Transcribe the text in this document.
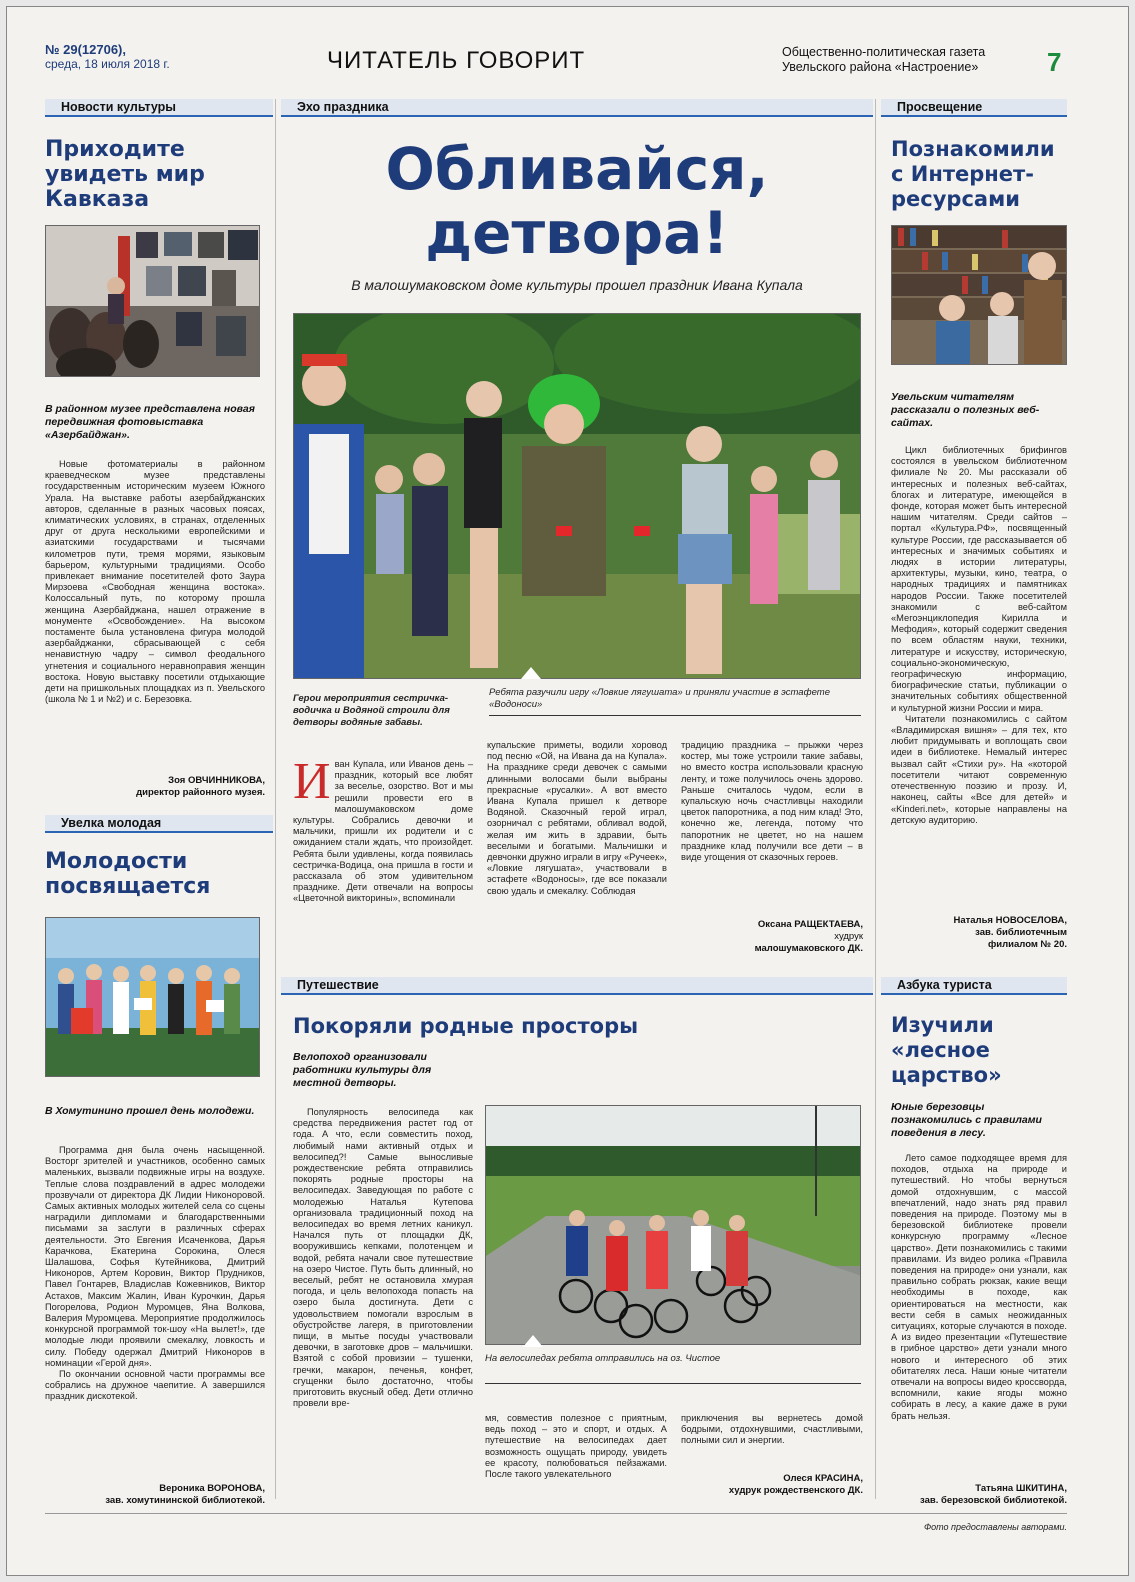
№ 29(12706),
среда, 18 июля 2018 г.	ЧИТАТЕЛЬ ГОВОРИТ	Общественно-политическая газета
Увельского района «Настроение»	7
Новости культуры
Приходите увидеть мир Кавказа
В районном музее представлена новая передвижная фотовыставка «Азербайджан».

Новые фотоматериалы в районном краеведческом музее представлены государственным историческим музеем Южного Урала. На выставке работы азербайджанских авторов, сделанные в разных часовых поясах, климатических условиях, в странах, отделенных друг от друга несколькими европейскими и азиатскими государствами и тысячами километров пути, тремя морями, языковым барьером, культурными традициями. Особо привлекает внимание посетителей фото Заура Мирзоева «Свободная женщина востока». Колоссальный путь, по которому прошла женщина Азербайджана, нашел отражение в монументе «Освобождение». На высоком постаменте была установлена фигура молодой азербайджанки, сбрасывающей с себя ненавистную чадру – символ феодального угнетения и социального неравноправия женщин востока. Новую выставку посетили отдыхающие дети на пришкольных площадках из п. Увельского (школа № 1 и №2) и с. Березовка.

Зоя ОВЧИННИКОВА,
директор районного музея.
Увелка молодая
Молодости посвящается
В Хомутинино прошел день молодежи.

Программа дня была очень насыщенной. Восторг зрителей и участников, особенно самых маленьких, вызвали подвижные игры на воздухе. Теплые слова поздравлений в адрес молодежи прозвучали от директора ДК Лидии Никоноровой. Самых активных молодых жителей села со сцены наградили дипломами и благодарственными письмами за заслуги в различных сферах деятельности. Это Евгения Исаченкова, Дарья Карачкова, Екатерина Сорокина, Олеся Шалашова, Софья Кутейникова, Дмитрий Никоноров, Артем Коровин, Виктор Прудников, Павел Гонтарев, Владислав Кожевников, Виктор Астахов, Максим Жалин, Иван Курочкин, Дарья Погорелова, Родион Муромцев, Яна Волкова, Валерия Муромцева. Мероприятие продолжилось конкурсной программой ток-шоу «На вылет!», где молодые люди проявили смекалку, ловкость и силу. Победу одержал Дмитрий Никоноров в номинации «Герой дня».

По окончании основной части программы все собрались на дружное чаепитие. А завершился праздник дискотекой.

Вероника ВОРОНОВА,
зав. хомутининской библиотекой.
Эхо праздника
Обливайся,
детвора!
В малошумаковском доме культуры прошел праздник Ивана Купала
Герои мероприятия сестричка-водичка и Водяной строили для детворы водяные забавы.
Ребята разучили игру «Ловкие лягушата» и приняли участие в эстафете «Водоноси»
Иван Купала, или Иванов день – праздник, который все любят за веселье, озорство. Вот и мы решили провести его в малошумаковском доме культуры. Собрались девочки и мальчики, пришли их родители и с ожиданием стали ждать, что произойдет. Ребята были удивлены, когда появилась сестричка-Водица, она пришла в гости и рассказала об этом удивительном празднике. Дети отвечали на вопросы «Цветочной викторины», вспоминали

купальские приметы, водили хоровод под песню «Ой, на Ивана да на Купала». На празднике среди девочек с самыми длинными волосами были выбраны прекрасные «русалки». А вот вместо Ивана Купала пришел к детворе Водяной. Сказочный герой играл, озорничал с ребятами, обливал водой, желая им жить в здравии, быть веселыми и богатыми. Мальчишки и девчонки дружно играли в игру «Ручеек», «Ловкие лягушата», участвовали в эстафете «Водоносы», где все показали свою удаль и смекалку. Соблюдая

традицию праздника – прыжки через костер, мы тоже устроили такие забавы, но вместо костра использовали красную ленту, и тоже получилось очень здорово. Раньше считалось чудом, если в купальскую ночь счастливцы находили цветок папоротника, а под ним клад! Это, конечно же, легенда, потому что папоротник не цветет, но на нашем празднике клад получили все дети – в виде угощения от сказочных героев.

Оксана РАЩЕКТАЕВА,
худрук
малошумаковского ДК.
Путешествие
Покоряли родные просторы
Велопоход организовали работники культуры для местной детворы.

Популярность велосипеда как средства передвижения растет год от года. А что, если совместить поход, любимый нами активный отдых и велосипед?! Самые выносливые рождественские ребята отправились покорять родные просторы на велосипедах. Заведующая по работе с молодежью Наталья Кутепова организовала традиционный поход на велосипедах во время летних каникул. Начался путь от площадки ДК, вооружившись кепками, полотенцем и водой, ребята начали свое путешествие на озеро Чистое. Путь быть длинный, но веселый, ребят не остановила хмурая погода, и цель велопохода попасть на озеро была достигнута. Дети с удовольствием помогали взрослым в обустройстве лагеря, в приготовлении пищи, в мытье посуды участвовали девочки, в заготовке дров – мальчишки. Взятой с собой провизии – тушенки, гречки, макарон, печенья, конфет, сгущенки было достаточно, чтобы приготовить вкусный обед. Дети отлично провели вре-

На велосипедах ребята отправились на оз. Чистое

мя, совместив полезное с приятным, ведь поход – это и спорт, и отдых. А путешествие на велосипедах дает возможность ощущать природу, увидеть ее красоту, полюбоваться пейзажами. После такого увлекательного

приключения вы вернетесь домой бодрыми, отдохнувшими, счастливыми, полными сил и энергии.

Олеся КРАСИНА,
худрук рождественского ДК.
Просвещение
Познакомили с Интернет-ресурсами
Увельским читателям рассказали о полезных веб-сайтах.

Цикл библиотечных брифингов состоялся в увельском библиотечном филиале № 20. Мы рассказали об интересных и полезных веб-сайтах, блогах и литературе, имеющейся в фонде, которая может быть интересной нашим читателям. Среди сайтов – портал «Культура.РФ», посвященный культуре России, где рассказывается об интересных и значимых событиях и людях в истории литературы, архитектуры, музыки, кино, театра, о народных традициях и памятниках народов России. Также посетителей знакомили с веб-сайтом «Мегоэнциклопедия Кирилла и Мефодия», который содержит сведения по всем областям науки, техники, литературе и искусству, историческую, социально-экономическую, географическую информацию, биографические статьи, публикации о значительных событиях общественной и культурной жизни России и мира.

Читатели познакомились с сайтом «Владимирская вишня» – для тех, кто любит придумывать и воплощать свои идеи в библиотеке. Немалый интерес вызвал сайт «Стихи ру». На «которой посетители читают современную отечественную поэзию и прозу. И, наконец, сайты «Все для детей» и «Kinderi.net», которые направлены на детскую аудиторию.

Наталья НОВОСЕЛОВА,
зав. библиотечным
филиалом № 20.
Азбука туриста
Изучили «лесное царство»
Юные березовцы познакомились с правилами поведения в лесу.

Лето самое подходящее время для походов, отдыха на природе и путешествий. Но чтобы вернуться домой отдохнувшим, с массой впечатлений, надо знать ряд правил поведения на природе. Поэтому мы в березовской библиотеке провели конкурсную программу «Лесное царство». Дети познакомились с такими правилами. Из видео ролика «Правила поведения на природе» они узнали, как правильно собрать рюкзак, какие вещи необходимы в походе, как ориентироваться на местности, как вести себя в самых неожиданных ситуациях, которые случаются в походе. А из видео презентации «Путешествие в грибное царство» дети узнали много нового и интересного об этих обитателях леса. Наши юные читатели отвечали на вопросы видео кроссворда, вспомнили, какие ягоды можно собирать в лесу, а какие даже в руки брать нельзя.

Татьяна ШКИТИНА,
зав. березовской библиотекой.
Фото предоставлены авторами.
